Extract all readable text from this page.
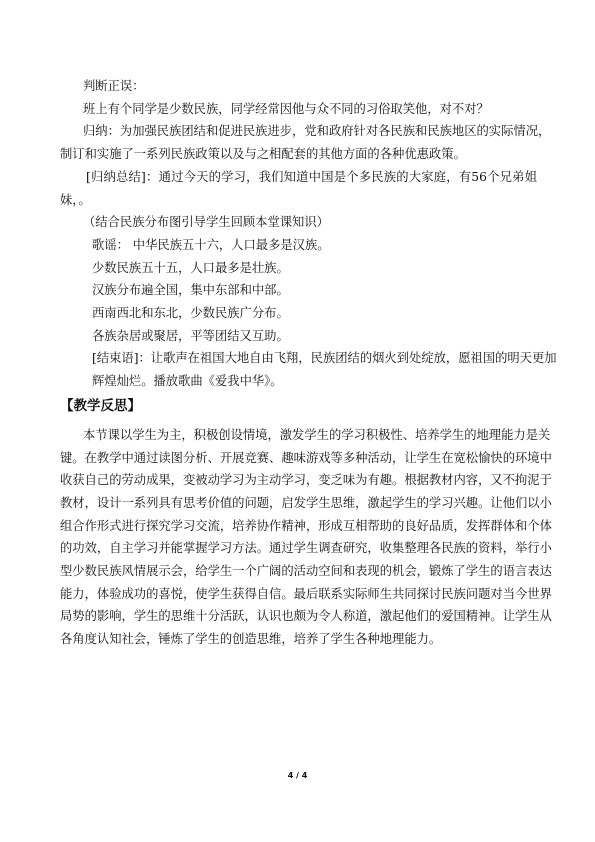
判断正误：

班上有个同学是少数民族，同学经常因他与众不同的习俗取笑他，对不对？

归纳：为加强民族团结和促进民族进步，党和政府针对各民族和民族地区的实际情况，

制订和实施了一系列民族政策以及与之相配套的其他方面的各种优惠政策。

[归纳总结]：通过今天的学习，我们知道中国是个多民族的大家庭，有56个兄弟姐

妹，。

（结合民族分布图引导学生回顾本堂课知识）

歌谣： 中华民族五十六，人口最多是汉族。

少数民族五十五，人口最多是壮族。

汉族分布遍全国，集中东部和中部。

西南西北和东北，少数民族广分布。

各族杂居或聚居，平等团结又互助。

[结束语]：让歌声在祖国大地自由飞翔，民族团结的烟火到处绽放，愿祖国的明天更加

辉煌灿烂。播放歌曲《爱我中华》。

【教学反思】

本节课以学生为主，积极创设情境，激发学生的学习积极性、培养学生的地理能力是关

键。在教学中通过读图分析、开展竞赛、趣味游戏等多种活动，让学生在宽松愉快的环境中

收获自己的劳动成果，变被动学习为主动学习，变乏味为有趣。根据教材内容，又不拘泥于

教材，设计一系列具有思考价值的问题，启发学生思维，激起学生的学习兴趣。让他们以小

组合作形式进行探究学习交流，培养协作精神，形成互相帮助的良好品质，发挥群体和个体

的功效，自主学习并能掌握学习方法。通过学生调查研究，收集整理各民族的资料，举行小

型少数民族风情展示会，给学生一个广阔的活动空间和表现的机会，锻炼了学生的语言表达

能力，体验成功的喜悦，使学生获得自信。最后联系实际师生共同探讨民族问题对当今世界

局势的影响，学生的思维十分活跃，认识也颇为令人称道，激起他们的爱国精神。让学生从

各角度认知社会，锤炼了学生的创造思维，培养了学生各种地理能力。

4 / 4
